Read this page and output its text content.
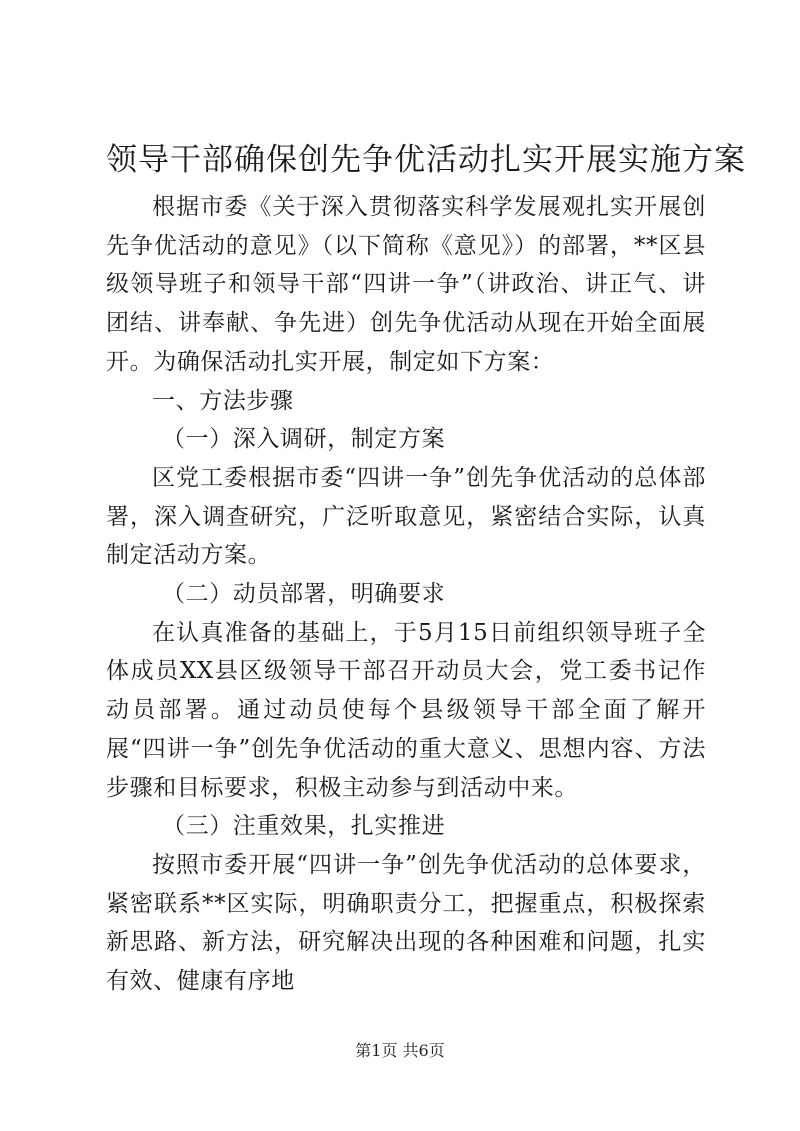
领导干部确保创先争优活动扎实开展实施方案

根据市委《关于深入贯彻落实科学发展观扎实开展创先争优活动的意见》（以下简称《意见》）的部署，**区县级领导班子和领导干部“四讲一争”（讲政治、讲正气、讲团结、讲奉献、争先进）创先争优活动从现在开始全面展开。为确保活动扎实开展，制定如下方案：

一、方法步骤

（一）深入调研，制定方案

区党工委根据市委“四讲一争”创先争优活动的总体部署，深入调查研究，广泛听取意见，紧密结合实际，认真制定活动方案。

（二）动员部署，明确要求

在认真准备的基础上，于5月15日前组织领导班子全体成员XX县区级领导干部召开动员大会，党工委书记作动员部署。通过动员使每个县级领导干部全面了解开展“四讲一争”创先争优活动的重大意义、思想内容、方法步骤和目标要求，积极主动参与到活动中来。

（三）注重效果，扎实推进

按照市委开展“四讲一争”创先争优活动的总体要求，紧密联系**区实际，明确职责分工，把握重点，积极探索新思路、新方法，研究解决出现的各种困难和问题，扎实有效、健康有序地

第1页 共6页
